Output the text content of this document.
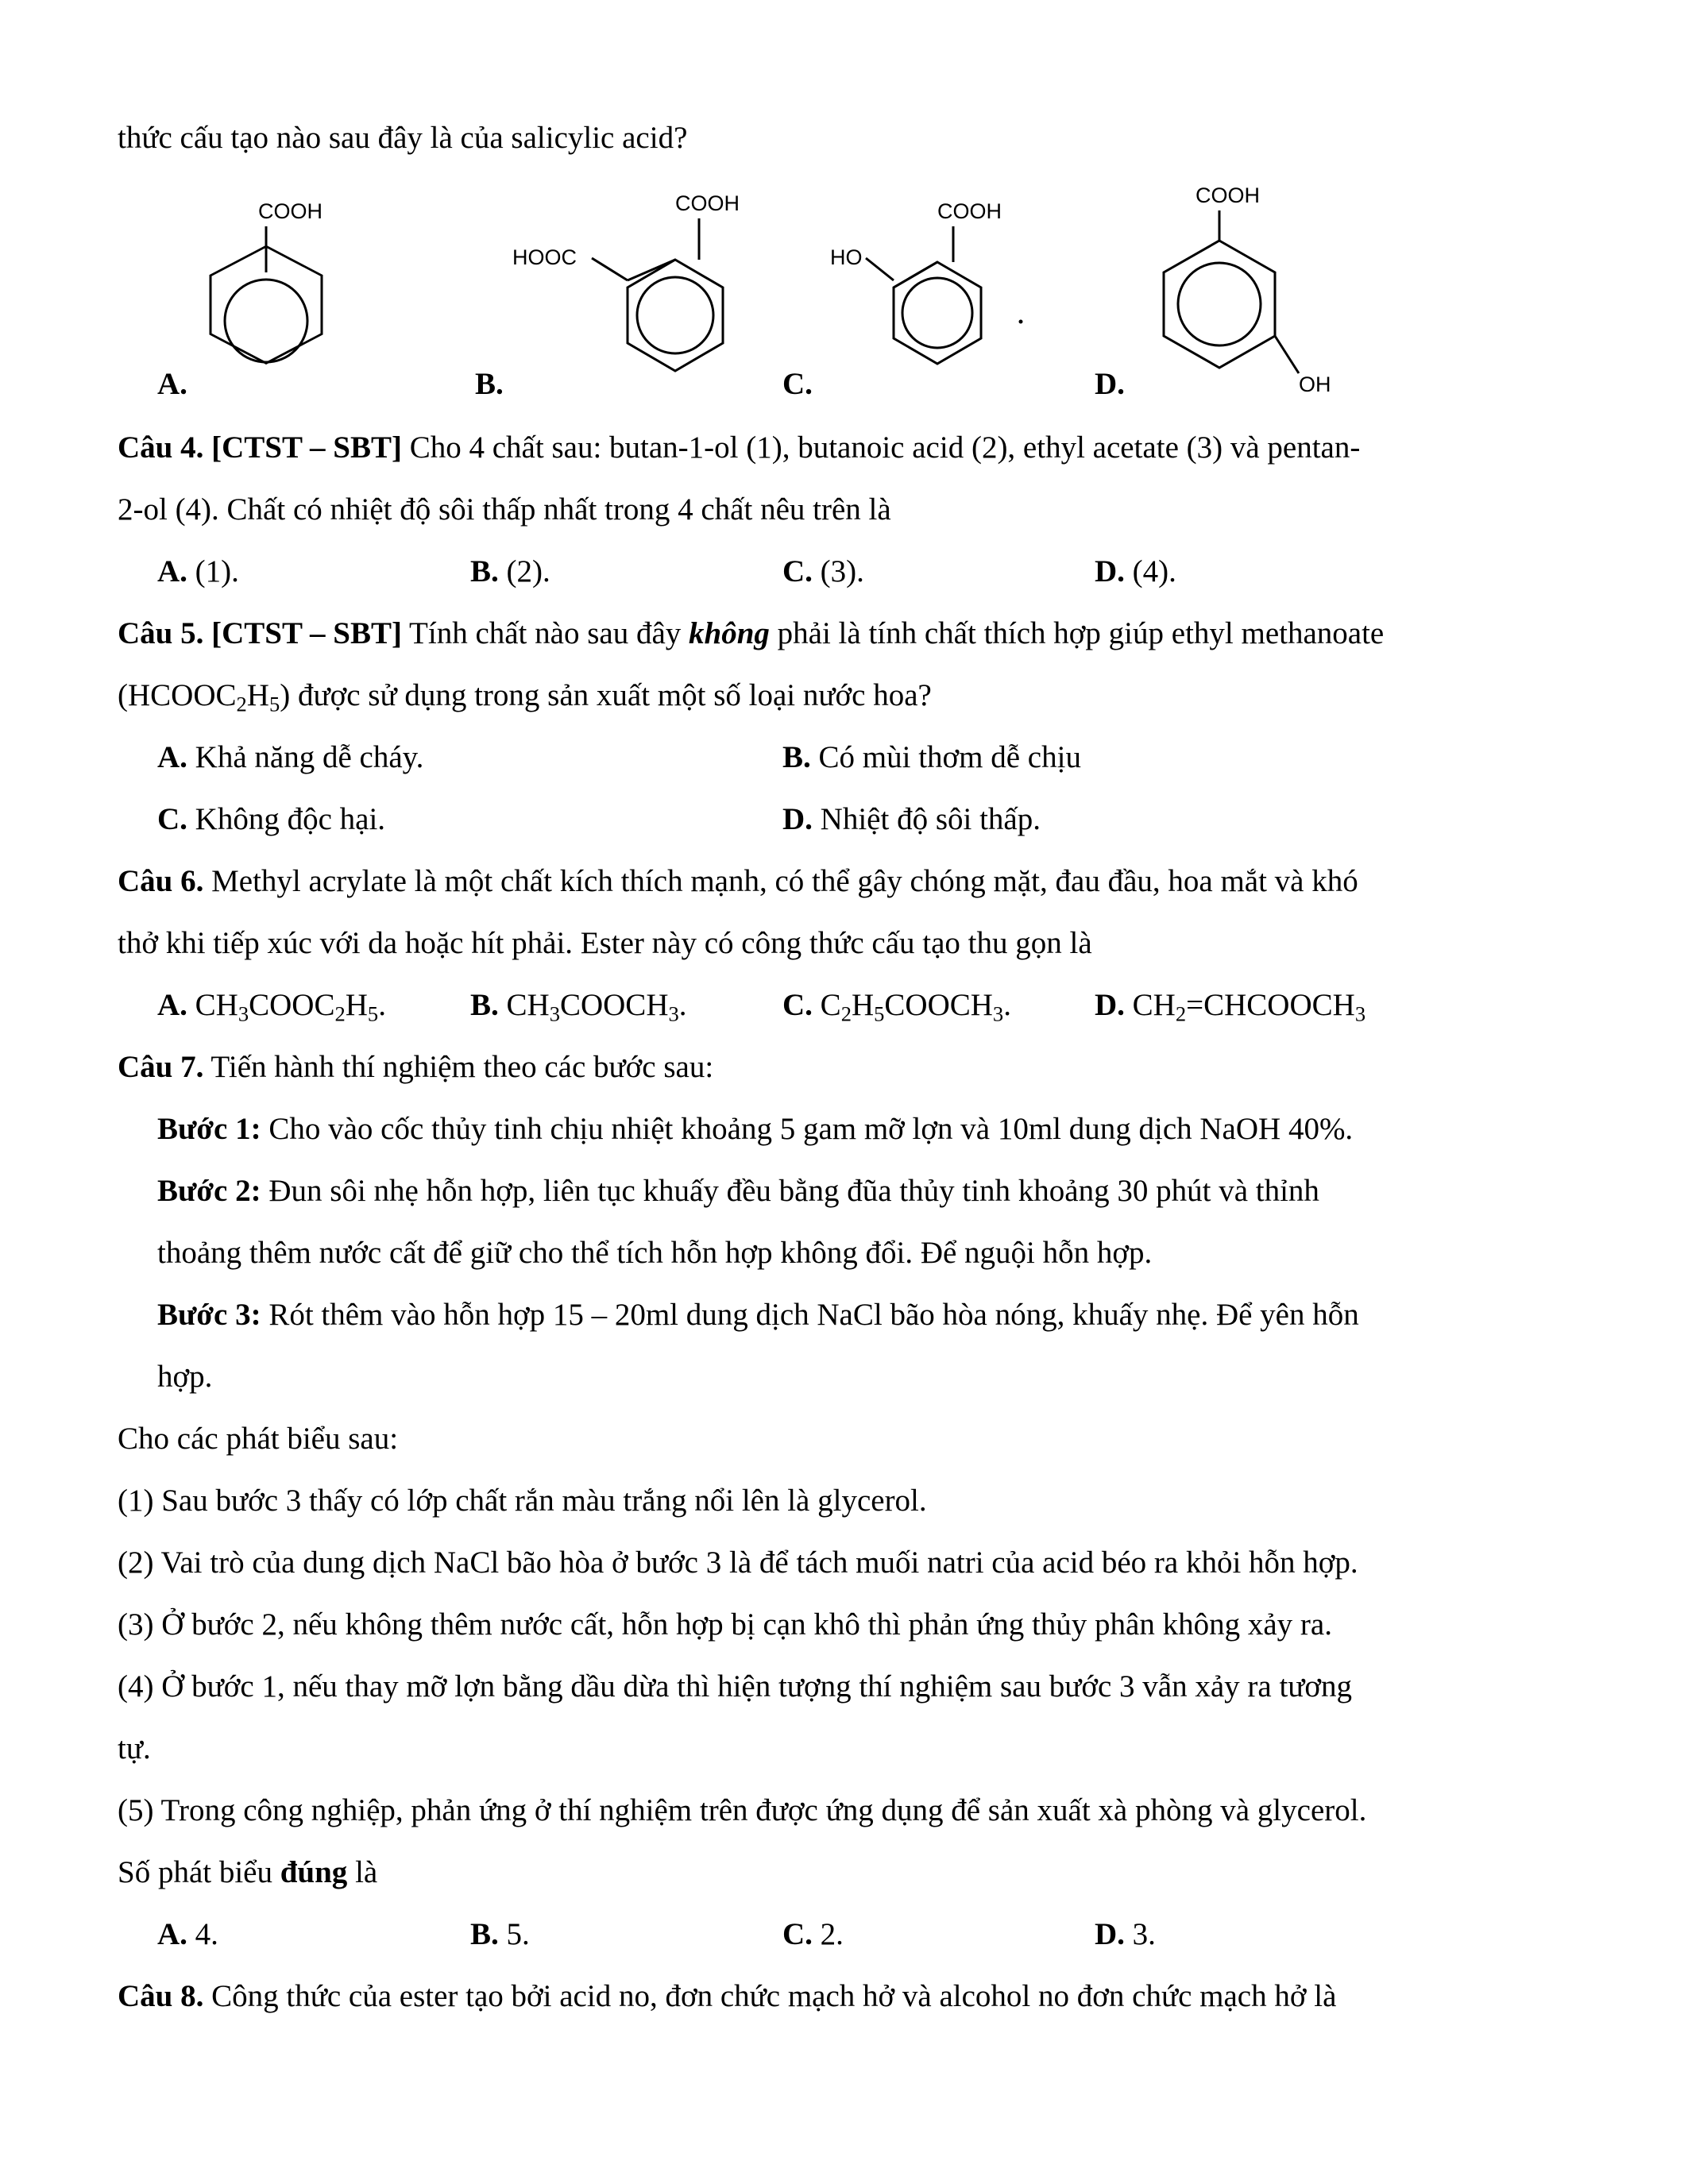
thức cấu tạo nào sau đây là của salicylic acid?
COOH
A.
COOH
HOOC
B.
COOH
HO
C.
COOH
OH
D.
Câu 4. [CTST – SBT] Cho 4 chất sau: butan-1-ol (1), butanoic acid (2), ethyl acetate (3) và pentan-
2-ol (4). Chất có nhiệt độ sôi thấp nhất trong 4 chất nêu trên là
A. (1).	B. (2).	C. (3).	D. (4).
Câu 5. [CTST – SBT] Tính chất nào sau đây không phải là tính chất thích hợp giúp ethyl methanoate
$(HCOOC_2H_5)$ được sử dụng trong sản xuất một số loại nước hoa?
A. Khả năng dễ cháy.	B. Có mùi thơm dễ chịu
C. Không độc hại.	D. Nhiệt độ sôi thấp.
Câu 6. Methyl acrylate là một chất kích thích mạnh, có thể gây chóng mặt, đau đầu, hoa mắt và khó
thở khi tiếp xúc với da hoặc hít phải. Ester này có công thức cấu tạo thu gọn là
A. $CH_3COOC_2H_5$.	B. $CH_3COOCH_3$.	C. $C_2H_5COOCH_3$.	D. $CH_2=CHCOOCH_3$
Câu 7. Tiến hành thí nghiệm theo các bước sau:
Bước 1: Cho vào cốc thủy tinh chịu nhiệt khoảng 5 gam mỡ lợn và 10ml dung dịch NaOH 40%.
Bước 2: Đun sôi nhẹ hỗn hợp, liên tục khuấy đều bằng đũa thủy tinh khoảng 30 phút và thỉnh
thoảng thêm nước cất để giữ cho thể tích hỗn hợp không đổi. Để nguội hỗn hợp.
Bước 3: Rót thêm vào hỗn hợp 15 – 20ml dung dịch NaCl bão hòa nóng, khuấy nhẹ. Để yên hỗn
hợp.
Cho các phát biểu sau:
(1) Sau bước 3 thấy có lớp chất rắn màu trắng nổi lên là glycerol.
(2) Vai trò của dung dịch NaCl bão hòa ở bước 3 là để tách muối natri của acid béo ra khỏi hỗn hợp.
(3) Ở bước 2, nếu không thêm nước cất, hỗn hợp bị cạn khô thì phản ứng thủy phân không xảy ra.
(4) Ở bước 1, nếu thay mỡ lợn bằng dầu dừa thì hiện tượng thí nghiệm sau bước 3 vẫn xảy ra tương
tự.
(5) Trong công nghiệp, phản ứng ở thí nghiệm trên được ứng dụng để sản xuất xà phòng và glycerol.
Số phát biểu đúng là
A. 4.	B. 5.	C. 2.	D. 3.
Câu 8. Công thức của ester tạo bởi acid no, đơn chức mạch hở và alcohol no đơn chức mạch hở là
